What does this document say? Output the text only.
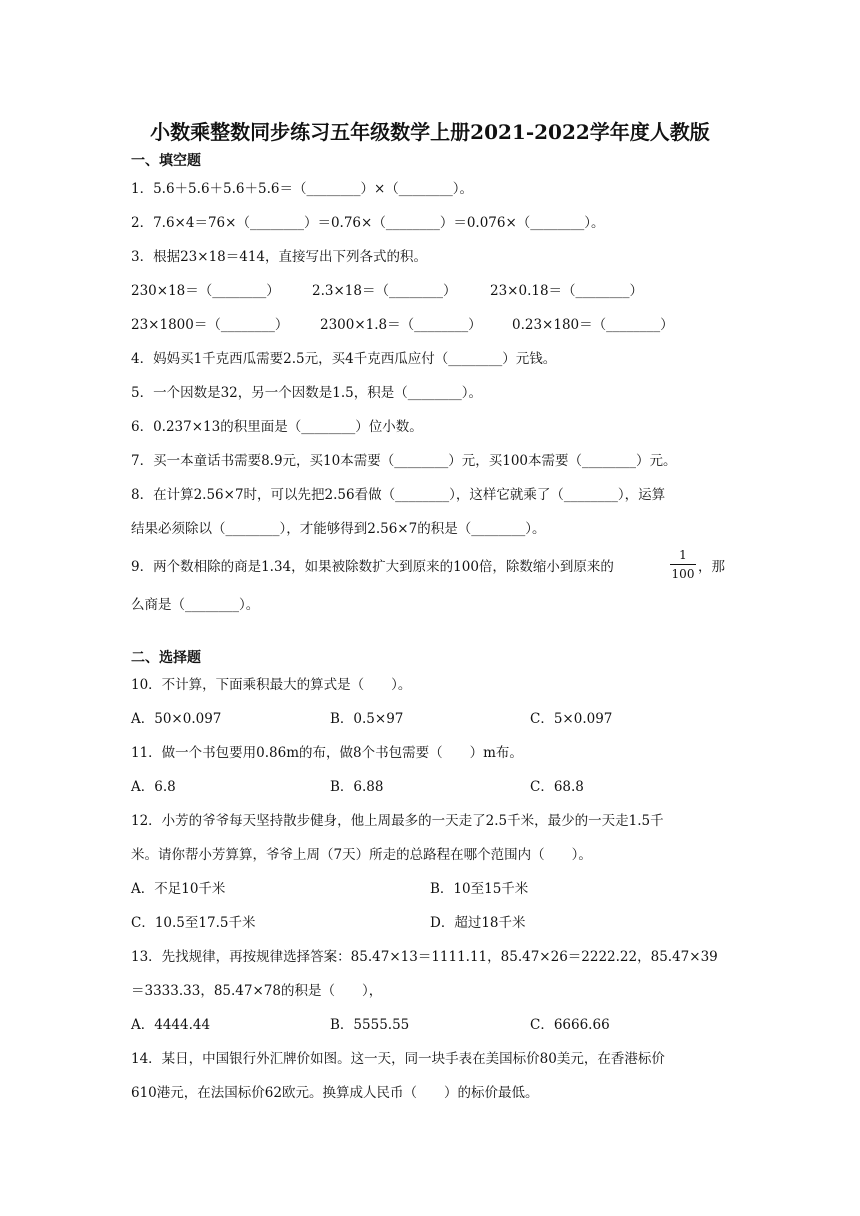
小数乘整数同步练习五年级数学上册2021-2022学年度人教版
一、填空题
1．5.6＋5.6＋5.6＋5.6＝（________）×（________）。
2．7.6×4＝76×（________）＝0.76×（________）＝0.076×（________）。
3．根据23×18＝414，直接写出下列各式的积。
230×18＝（________） 2.3×18＝（________） 23×0.18＝（________）
23×1800＝（________） 2300×1.8＝（________） 0.23×180＝（________）
4．妈妈买1千克西瓜需要2.5元，买4千克西瓜应付（________）元钱。
5．一个因数是32，另一个因数是1.5，积是（________）。
6．0.237×13的积里面是（________）位小数。
7．买一本童话书需要8.9元，买10本需要（________）元，买100本需要（________）元。
8．在计算2.56×7时，可以先把2.56看做（________），这样它就乘了（________），运算
结果必须除以（________），才能够得到2.56×7的积是（________）。
9．两个数相除的商是1.34，如果被除数扩大到原来的100倍，除数缩小到原来的
1
100 ，那
么商是（________）。
二、选择题
10．不计算，下面乘积最大的算式是（　　）。
A．50×0.097	B．0.5×97	C．5×0.097
11．做一个书包要用0.86m的布，做8个书包需要（　　）m布。
A．6.8	B．6.88	C．68.8
12．小芳的爷爷每天坚持散步健身，他上周最多的一天走了2.5千米，最少的一天走1.5千
米。请你帮小芳算算，爷爷上周（7天）所走的总路程在哪个范围内（　　）。
A．不足10千米	B．10至15千米
C．10.5至17.5千米	D．超过18千米
13．先找规律，再按规律选择答案：85.47×13＝1111.11，85.47×26＝2222.22，85.47×39
＝3333.33，85.47×78的积是（　　），
A．4444.44	B．5555.55	C．6666.66
14．某日，中国银行外汇牌价如图。这一天，同一块手表在美国标价80美元，在香港标价
610港元，在法国标价62欧元。换算成人民币（　　）的标价最低。
